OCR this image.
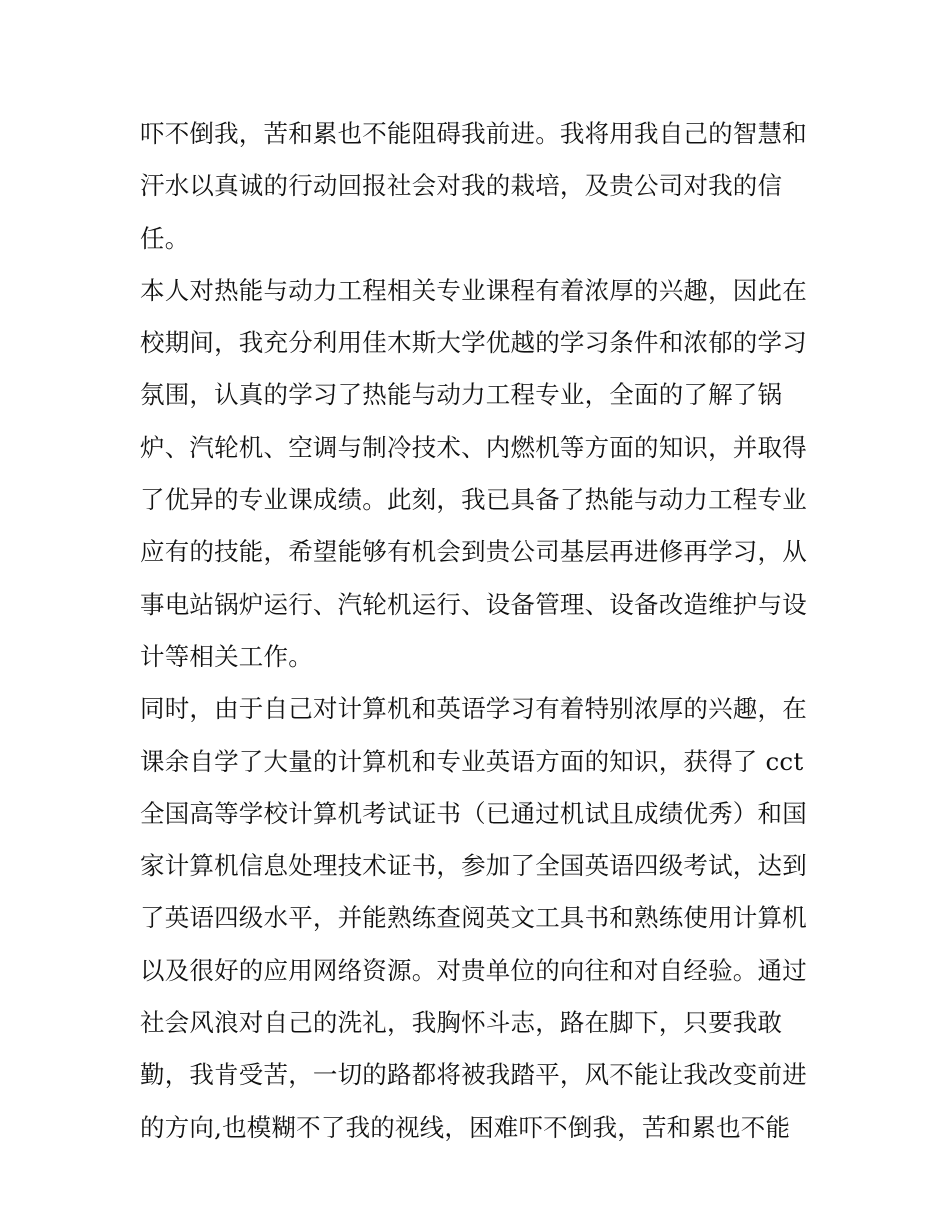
吓不倒我，苦和累也不能阻碍我前进。我将用我自己的智慧和
汗水以真诚的行动回报社会对我的栽培，及贵公司对我的信
任。
本人对热能与动力工程相关专业课程有着浓厚的兴趣，因此在
校期间，我充分利用佳木斯大学优越的学习条件和浓郁的学习
氛围，认真的学习了热能与动力工程专业，全面的了解了锅
炉、汽轮机、空调与制冷技术、内燃机等方面的知识，并取得
了优异的专业课成绩。此刻，我已具备了热能与动力工程专业
应有的技能，希望能够有机会到贵公司基层再进修再学习，从
事电站锅炉运行、汽轮机运行、设备管理、设备改造维护与设
计等相关工作。
同时，由于自己对计算机和英语学习有着特别浓厚的兴趣，在
课余自学了大量的计算机和专业英语方面的知识，获得了 cct
全国高等学校计算机考试证书（已通过机试且成绩优秀）和国
家计算机信息处理技术证书，参加了全国英语四级考试，达到
了英语四级水平，并能熟练查阅英文工具书和熟练使用计算机
以及很好的应用网络资源。对贵单位的向往和对自经验。通过
社会风浪对自己的洗礼，我胸怀斗志，路在脚下，只要我敢
勤，我肯受苦，一切的路都将被我踏平，风不能让我改变前进
的方向,也模糊不了我的视线，困难吓不倒我，苦和累也不能
